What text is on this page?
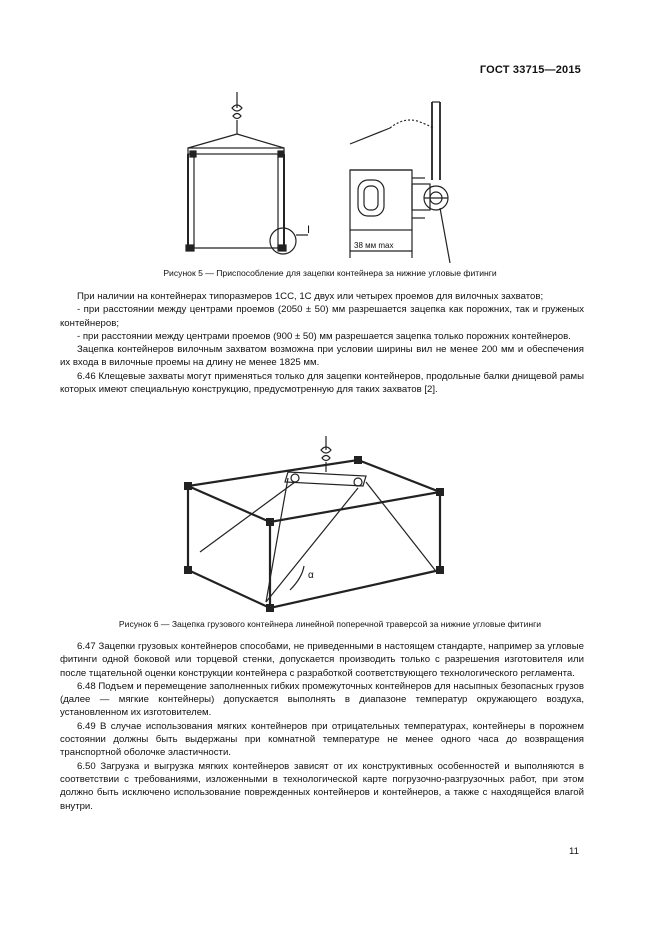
ГОСТ 33715—2015
I
38 мм max
Рисунок 5 — Приспособление для зацепки контейнера за нижние угловые фитинги

При наличии на контейнерах типоразмеров 1СС, 1С двух или четырех проемов для вилочных захватов;

- при расстоянии между центрами проемов (2050 ± 50) мм разрешается зацепка как порожних, так и груженых контейнеров;

- при расстоянии между центрами проемов (900 ± 50) мм разрешается зацепка только порожних контейнеров.

Зацепка контейнеров вилочным захватом возможна при условии ширины вил не менее 200 мм и обеспечения их входа в вилочные проемы на длину не менее 1825 мм.

6.46 Клещевые захваты могут применяться только для зацепки контейнеров, продольные балки днищевой рамы которых имеют специальную конструкцию, предусмотренную для таких захватов [2].

α
Рисунок 6 — Зацепка грузового контейнера линейной поперечной траверсой за нижние угловые фитинги

6.47 Зацепки грузовых контейнеров способами, не приведенными в настоящем стандарте, например за угловые фитинги одной боковой или торцевой стенки, допускается производить только с разрешения изготовителя или после тщательной оценки конструкции контейнера с разработкой соответствующего технологического регламента.

6.48 Подъем и перемещение заполненных гибких промежуточных контейнеров для насыпных безопасных грузов (далее — мягкие контейнеры) допускается выполнять в диапазоне температур окружающего воздуха, установленном их изготовителем.

6.49 В случае использования мягких контейнеров при отрицательных температурах, контейнеры в порожнем состоянии должны быть выдержаны при комнатной температуре не менее одного часа до возвращения транспортной оболочке эластичности.

6.50 Загрузка и выгрузка мягких контейнеров зависят от их конструктивных особенностей и выполняются в соответствии с требованиями, изложенными в технологической карте погрузочно-разгрузочных работ, при этом должно быть исключено использование поврежденных контейнеров и контейнеров, а также с находящейся влагой внутри.

11
